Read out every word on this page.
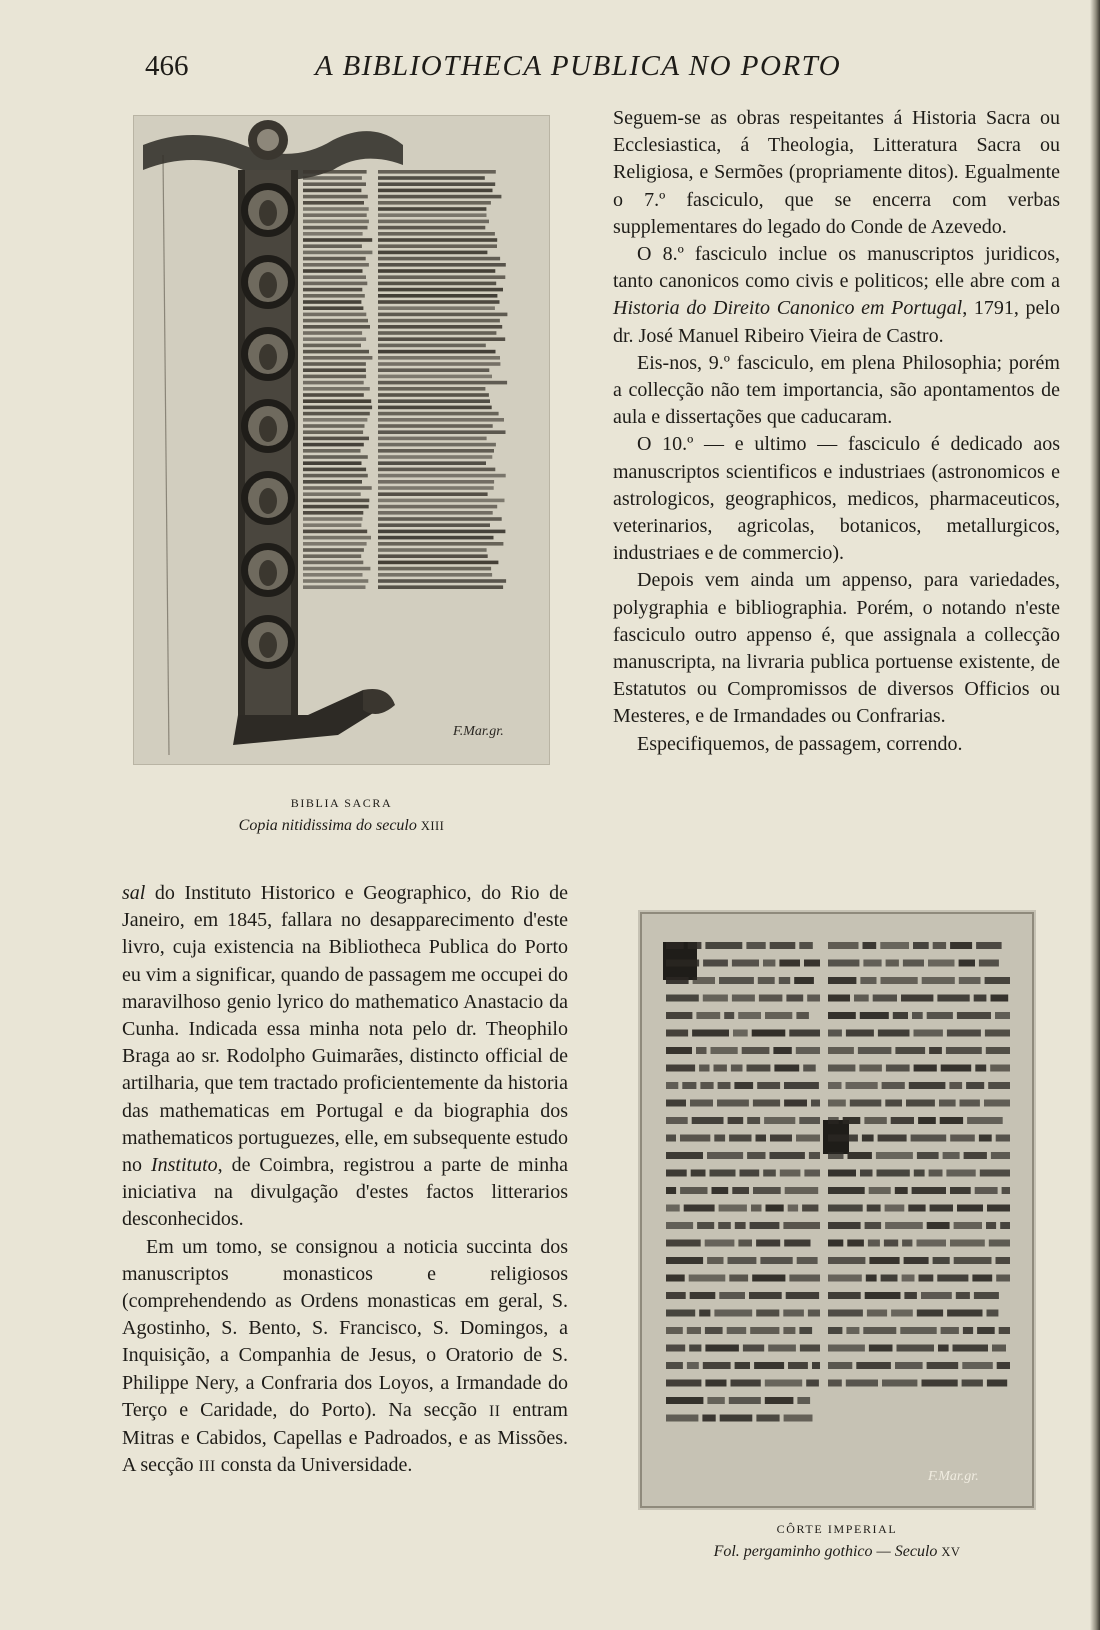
466	A BIBLIOTHECA PUBLICA NO PORTO
F.Mar.gr.
BIBLIA SACRA
Copia nitidissima do seculo XIII
F.Mar.gr.
CÔRTE IMPERIAL
Fol. pergaminho gothico — Seculo XV

sal do Instituto Historico e Geographico, do Rio de Janeiro, em 1845, fallara no desapparecimento d'este livro, cuja existencia na Bibliotheca Publica do Porto eu vim a significar, quando de passagem me occupei do maravilhoso genio lyrico do mathematico Anastacio da Cunha. Indicada essa minha nota pelo dr. Theophilo Braga ao sr. Rodolpho Guimarães, distincto official de artilharia, que tem tractado proficientemente da historia das mathematicas em Portugal e da biographia dos mathematicos portuguezes, elle, em subsequente estudo no Instituto, de Coimbra, registrou a parte de minha iniciativa na divulgação d'estes factos litterarios desconhecidos.

Em um tomo, se consignou a noticia succinta dos manuscriptos monasticos e religiosos (comprehendendo as Ordens monasticas em geral, S. Agostinho, S. Bento, S. Francisco, S. Domingos, a Inquisição, a Companhia de Jesus, o Oratorio de S. Philippe Nery, a Confraria dos Loyos, a Irmandade do Terço e Caridade, do Porto). Na secção II entram Mitras e Cabidos, Capellas e Padroados, e as Missões. A secção III consta da Universidade.

Seguem-se as obras respeitantes á Historia Sacra ou Ecclesiastica, á Theologia, Litteratura Sacra ou Religiosa, e Sermões (propriamente ditos). Egualmente o 7.º fasciculo, que se encerra com verbas supplementares do legado do Conde de Azevedo.

O 8.º fasciculo inclue os manuscriptos juridicos, tanto canonicos como civis e politicos; elle abre com a Historia do Direito Canonico em Portugal, 1791, pelo dr. José Manuel Ribeiro Vieira de Castro.

Eis-nos, 9.º fasciculo, em plena Philosophia; porém a collecção não tem importancia, são apontamentos de aula e dissertações que caducaram.

O 10.º — e ultimo — fasciculo é dedicado aos manuscriptos scientificos e industriaes (astronomicos e astrologicos, geographicos, medicos, pharmaceuticos, veterinarios, agricolas, botanicos, metallurgicos, industriaes e de commercio).

Depois vem ainda um appenso, para variedades, polygraphia e bibliographia. Porém, o notando n'este fasciculo outro appenso é, que assignala a collecção manuscripta, na livraria publica portuense existente, de Estatutos ou Compromissos de diversos Officios ou Mesteres, e de Irmandades ou Confrarias.

Especifiquemos, de passagem, correndo.
